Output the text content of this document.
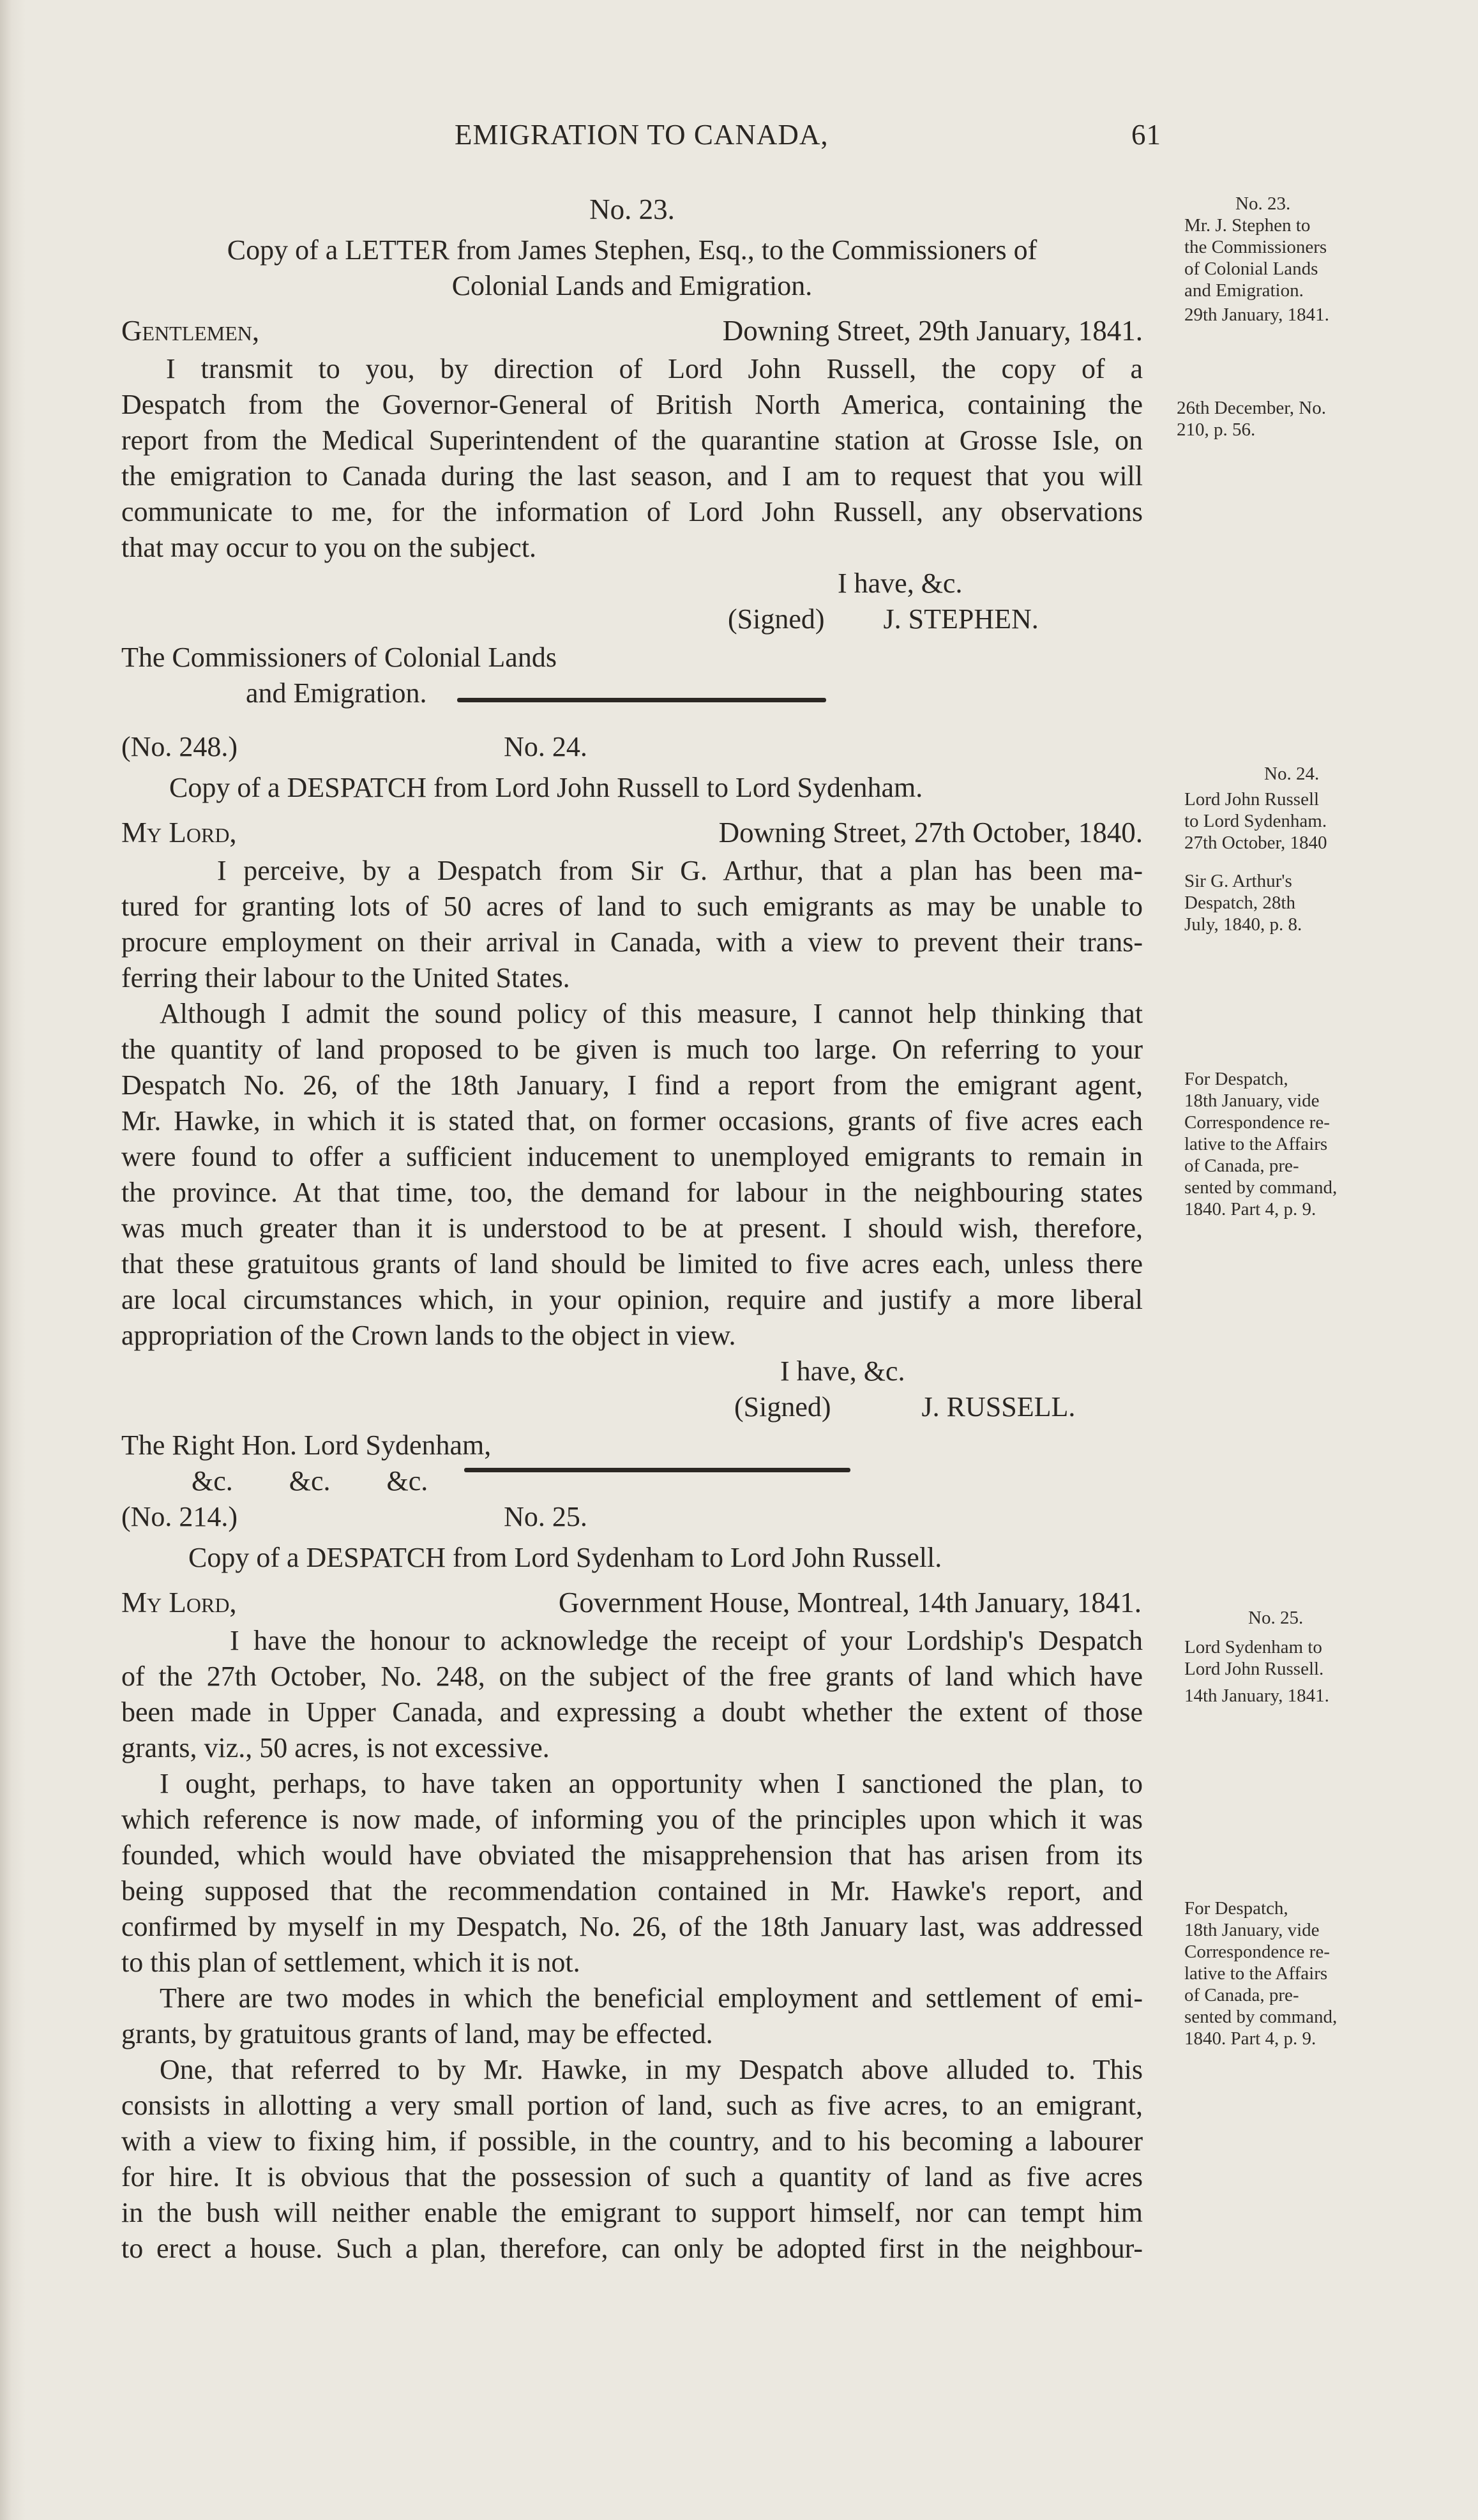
EMIGRATION TO CANADA,	61
No. 23.
Copy of a LETTER from James Stephen, Esq., to the Commissioners of
Colonial Lands and Emigration.
Gentlemen,	Downing Street, 29th January, 1841.
I transmit to you, by direction of Lord John Russell, the copy of a
Despatch from the Governor-General of British North America, containing the
report from the Medical Superintendent of the quarantine station at Grosse Isle, on
the emigration to Canada during the last season, and I am to request that you will
communicate to me, for the information of Lord John Russell, any observations
that may occur to you on the subject.
I have, &c.
(Signed) J. STEPHEN.
The Commissioners of Colonial Lands
and Emigration.
(No. 248.)	No. 24.
Copy of a DESPATCH from Lord John Russell to Lord Sydenham.
My Lord,	Downing Street, 27th October, 1840.
I perceive, by a Despatch from Sir G. Arthur, that a plan has been ma-
tured for granting lots of 50 acres of land to such emigrants as may be unable to
procure employment on their arrival in Canada, with a view to prevent their trans-
ferring their labour to the United States.
Although I admit the sound policy of this measure, I cannot help thinking that
the quantity of land proposed to be given is much too large. On referring to your
Despatch No. 26, of the 18th January, I find a report from the emigrant agent,
Mr. Hawke, in which it is stated that, on former occasions, grants of five acres each
were found to offer a sufficient inducement to unemployed emigrants to remain in
the province. At that time, too, the demand for labour in the neighbouring states
was much greater than it is understood to be at present. I should wish, therefore,
that these gratuitous grants of land should be limited to five acres each, unless there
are local circumstances which, in your opinion, require and justify a more liberal
appropriation of the Crown lands to the object in view.
I have, &c.
(Signed)	J. RUSSELL.
The Right Hon. Lord Sydenham,
&c.        &c.        &c.
(No. 214.)	No. 25.
Copy of a DESPATCH from Lord Sydenham to Lord John Russell.
My Lord,	Government House, Montreal, 14th January, 1841.
I have the honour to acknowledge the receipt of your Lordship's Despatch
of the 27th October, No. 248, on the subject of the free grants of land which have
been made in Upper Canada, and expressing a doubt whether the extent of those
grants, viz., 50 acres, is not excessive.
I ought, perhaps, to have taken an opportunity when I sanctioned the plan, to
which reference is now made, of informing you of the principles upon which it was
founded, which would have obviated the misapprehension that has arisen from its
being supposed that the recommendation contained in Mr. Hawke's report, and
confirmed by myself in my Despatch, No. 26, of the 18th January last, was addressed
to this plan of settlement, which it is not.
There are two modes in which the beneficial employment and settlement of emi-
grants, by gratuitous grants of land, may be effected.
One, that referred to by Mr. Hawke, in my Despatch above alluded to. This
consists in allotting a very small portion of land, such as five acres, to an emigrant,
with a view to fixing him, if possible, in the country, and to his becoming a labourer
for hire. It is obvious that the possession of such a quantity of land as five acres
in the bush will neither enable the emigrant to support himself, nor can tempt him
to erect a house. Such a plan, therefore, can only be adopted first in the neighbour-
No. 23.
Mr. J. Stephen to
the Commissioners
of Colonial Lands
and Emigration.
29th January, 1841.
26th December, No.
210, p. 56.
No. 24.
Lord John Russell
to Lord Sydenham.
27th October, 1840
Sir G. Arthur's
Despatch, 28th
July, 1840, p. 8.
For Despatch,
18th January, vide
Correspondence re-
lative to the Affairs
of Canada, pre-
sented by command,
1840. Part 4, p. 9.
No. 25.
Lord Sydenham to
Lord John Russell.
14th January, 1841.
For Despatch,
18th January, vide
Correspondence re-
lative to the Affairs
of Canada, pre-
sented by command,
1840. Part 4, p. 9.
